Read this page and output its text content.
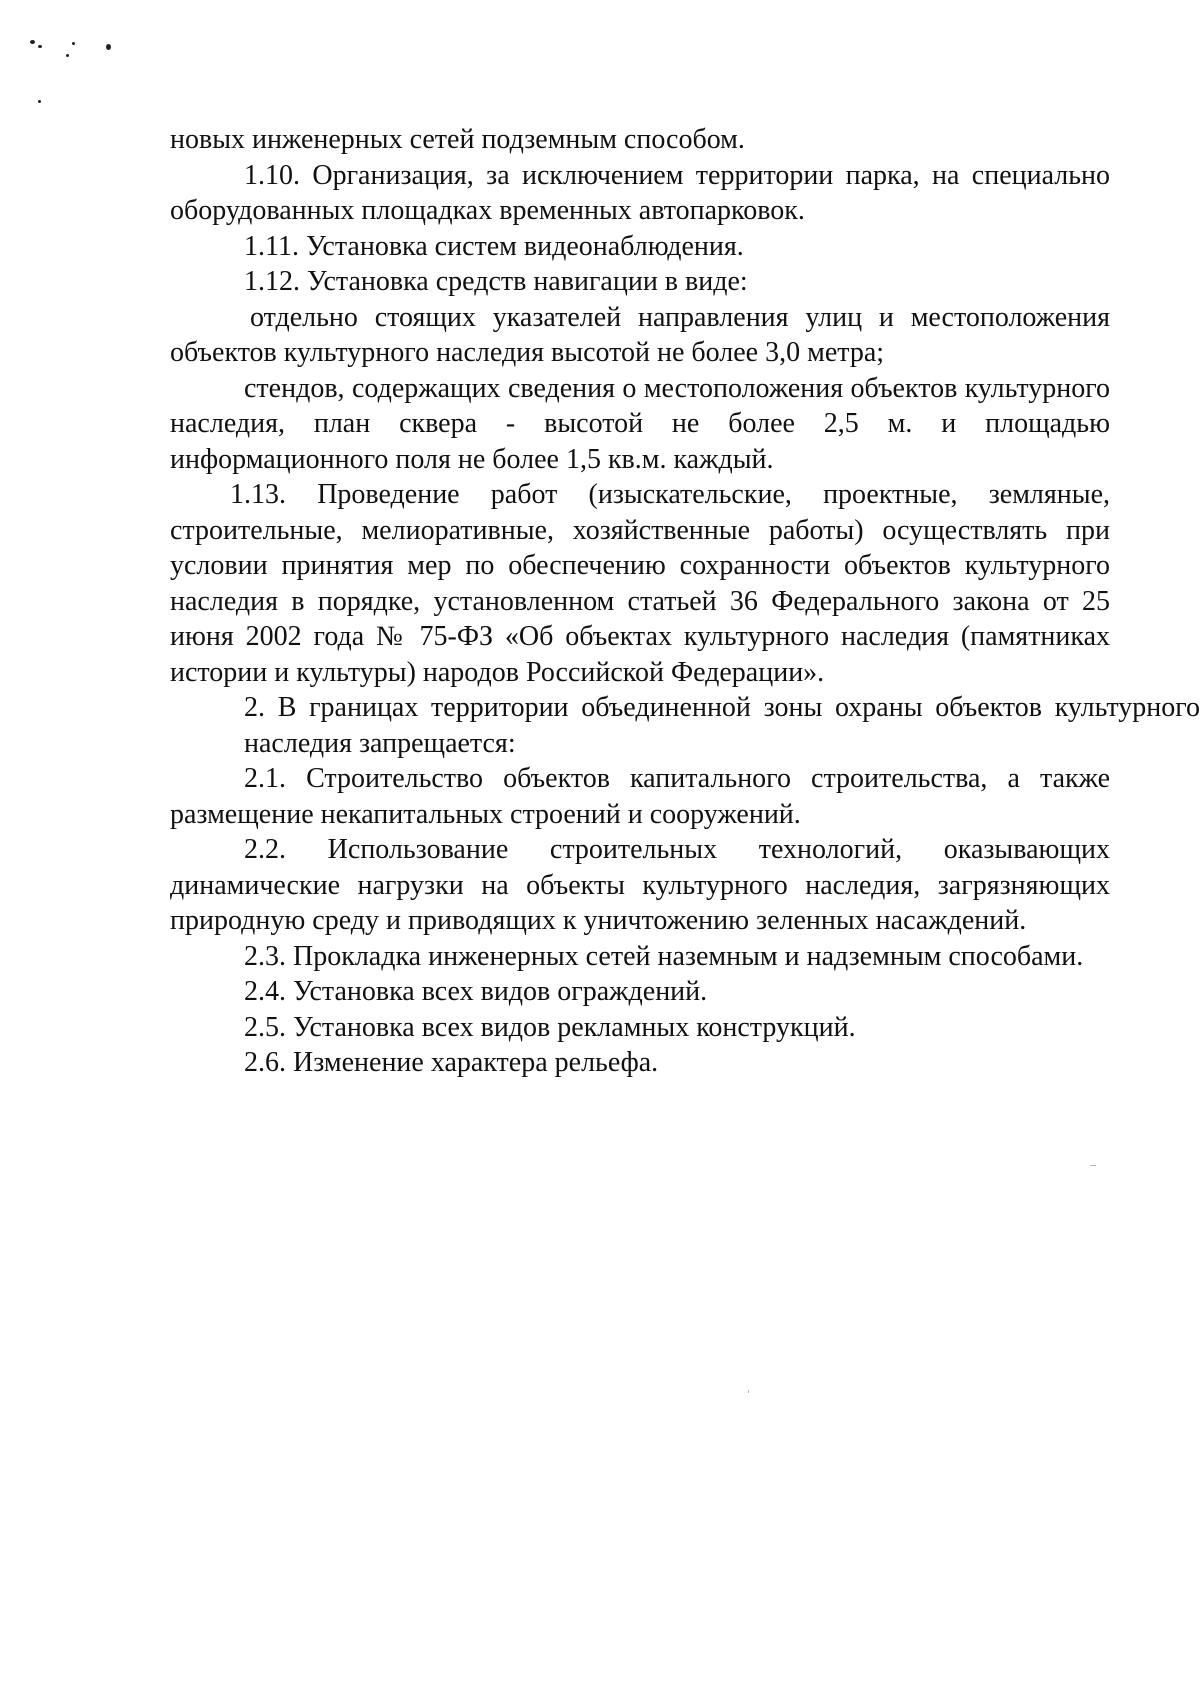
новых инженерных сетей подземным способом.

1.10. Организация, за исключением территории парка, на специально оборудованных площадках временных автопарковок.

1.11. Установка систем видеонаблюдения.

1.12. Установка средств навигации в виде:

отдельно стоящих указателей направления улиц и местоположения объектов культурного наследия высотой не более 3,0 метра;

стендов, содержащих сведения о местоположения объектов культурного наследия, план сквера - высотой не более 2,5 м. и площадью информационного поля не более 1,5 кв.м. каждый.

1.13. Проведение работ (изыскательские, проектные, земляные, строительные, мелиоративные, хозяйственные работы) осуществлять при условии принятия мер по обеспечению сохранности объектов культурного наследия в порядке, установленном статьей 36 Федерального закона от 25 июня 2002 года № 75-ФЗ «Об объектах культурного наследия (памятниках истории и культуры) народов Российской Федерации».

2. В границах территории объединенной зоны охраны объектов культурного наследия запрещается:

2.1. Строительство объектов капитального строительства, а также размещение некапитальных строений и сооружений.

2.2. Использование строительных технологий, оказывающих динамические нагрузки на объекты культурного наследия, загрязняющих природную среду и приводящих к уничтожению зеленных насаждений.

2.3. Прокладка инженерных сетей наземным и надземным способами.

2.4. Установка всех видов ограждений.

2.5. Установка всех видов рекламных конструкций.

2.6. Изменение характера рельефа.
